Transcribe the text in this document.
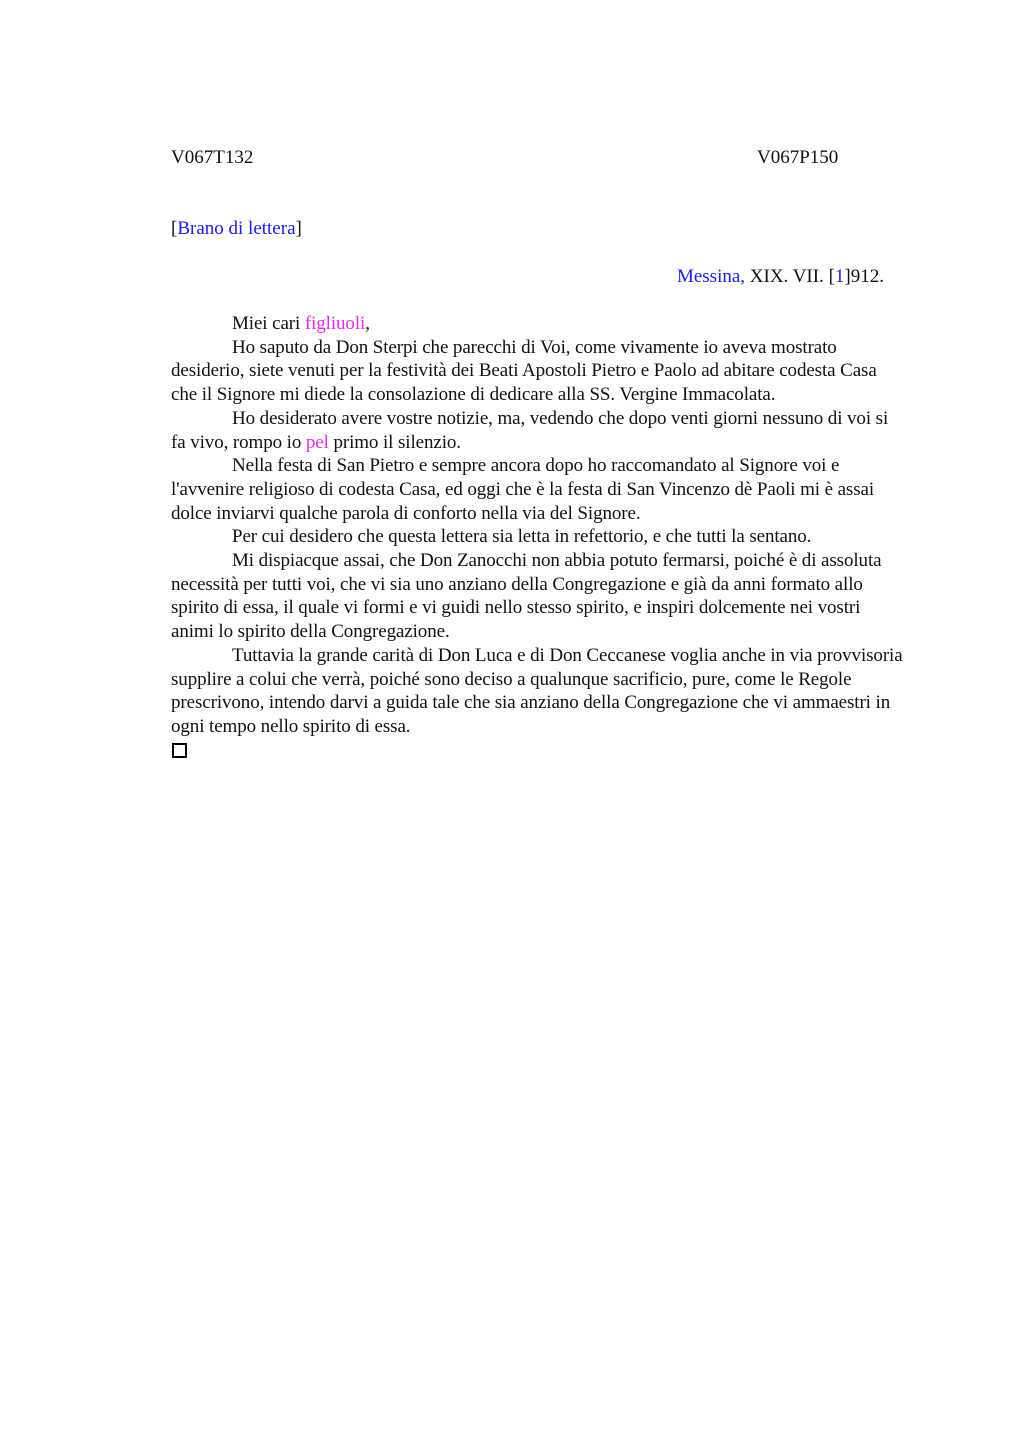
V067T132	V067P150
[Brano di lettera]
Messina, XIX. VII. [1]912.

Miei cari figliuoli,

Ho saputo da Don Sterpi che parecchi di Voi, come vivamente io aveva mostrato desiderio, siete venuti per la festività dei Beati Apostoli Pietro e Paolo ad abitare codesta Casa che il Signore mi diede la consolazione di dedicare alla SS. Vergine Immacolata.

Ho desiderato avere vostre notizie, ma, vedendo che dopo venti giorni nessuno di voi si fa vivo, rompo io pel primo il silenzio.

Nella festa di San Pietro e sempre ancora dopo ho raccomandato al Signore voi e l'avvenire religioso di codesta Casa, ed oggi che è la festa di San Vincenzo dè Paoli mi è assai dolce inviarvi qualche parola di conforto nella via del Signore.

Per cui desidero che questa lettera sia letta in refettorio, e che tutti la sentano.

Mi dispiacque assai, che Don Zanocchi non abbia potuto fermarsi, poiché è di assoluta necessità per tutti voi, che vi sia uno anziano della Congregazione e già da anni formato allo spirito di essa, il quale vi formi e vi guidi nello stesso spirito, e inspiri dolcemente nei vostri animi lo spirito della Congregazione.

Tuttavia la grande carità di Don Luca e di Don Ceccanese voglia anche in via provvisoria supplire a colui che verrà, poiché sono deciso a qualunque sacrificio, pure, come le Regole prescrivono, intendo darvi a guida tale che sia anziano della Congregazione che vi ammaestri in ogni tempo nello spirito di essa.
